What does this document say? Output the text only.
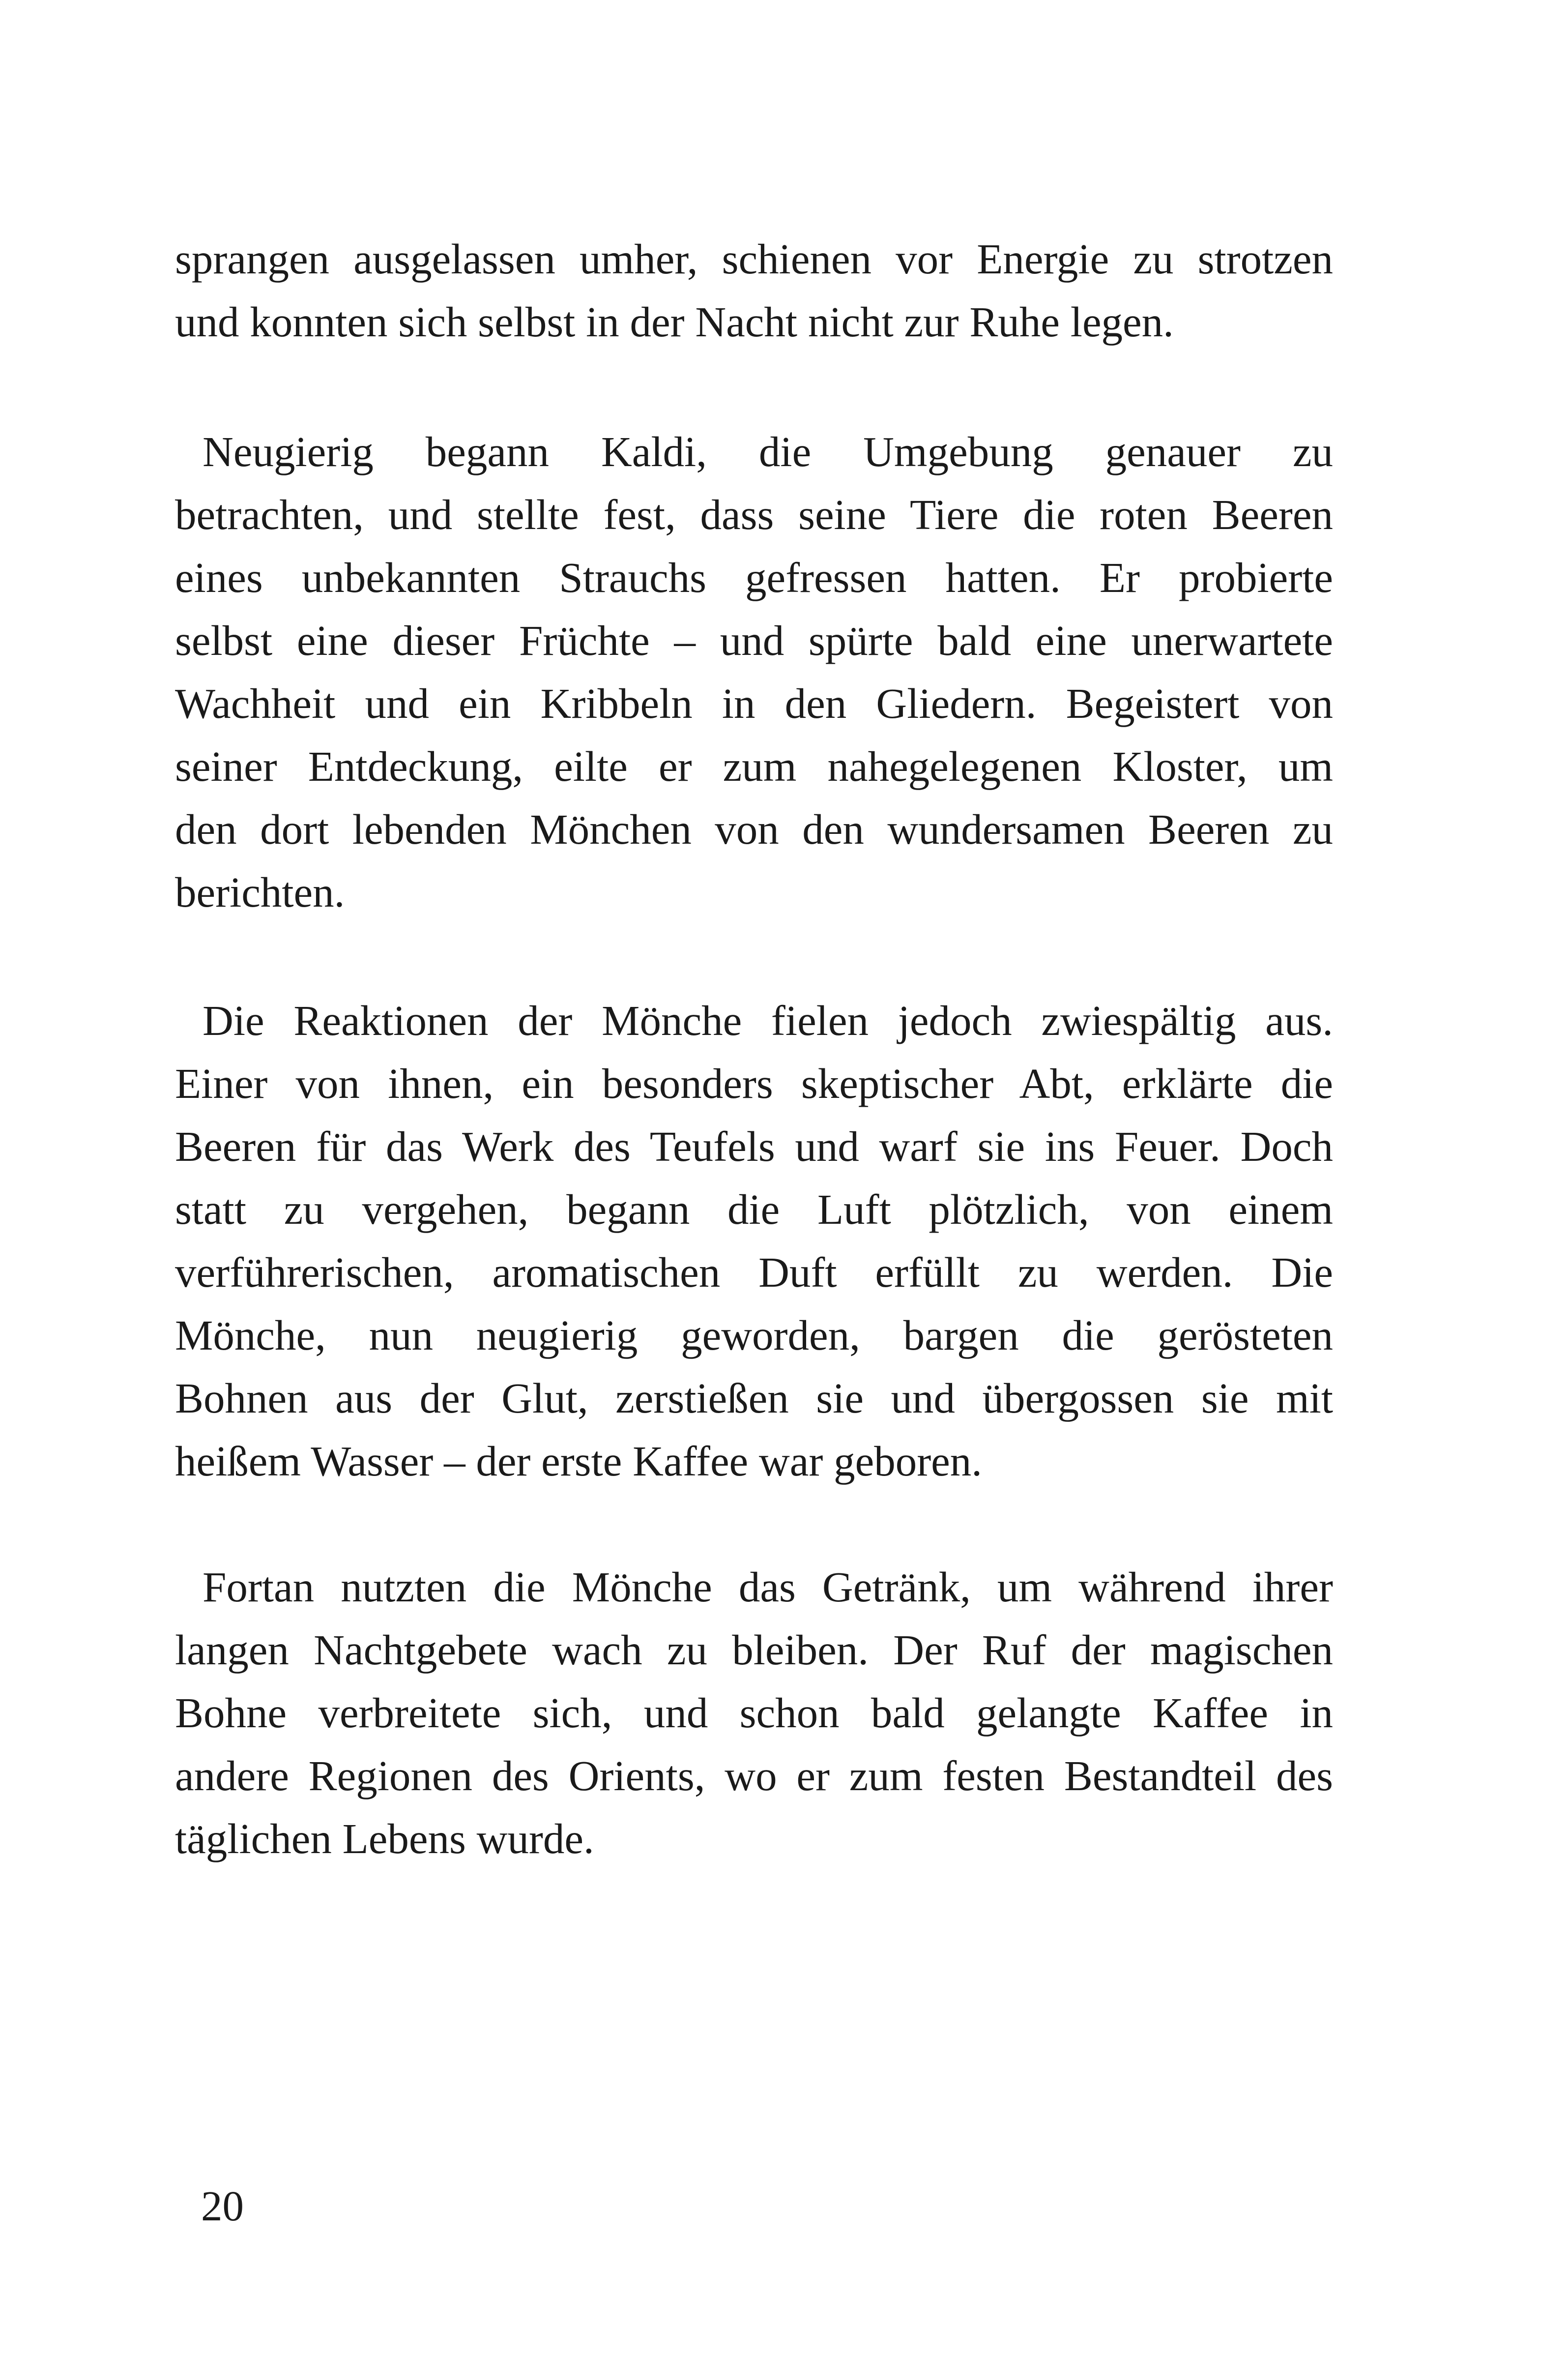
sprangen ausgelassen umher, schienen vor Energie zu strotzen
und konnten sich selbst in der Nacht nicht zur Ruhe legen.
Neugierig begann Kaldi, die Umgebung genauer zu
betrachten, und stellte fest, dass seine Tiere die roten Beeren
eines unbekannten Strauchs gefressen hatten. Er probierte
selbst eine dieser Früchte – und spürte bald eine unerwartete
Wachheit und ein Kribbeln in den Gliedern. Begeistert von
seiner Entdeckung, eilte er zum nahegelegenen Kloster, um
den dort lebenden Mönchen von den wundersamen Beeren zu
berichten.
Die Reaktionen der Mönche fielen jedoch zwiespältig aus.
Einer von ihnen, ein besonders skeptischer Abt, erklärte die
Beeren für das Werk des Teufels und warf sie ins Feuer. Doch
statt zu vergehen, begann die Luft plötzlich, von einem
verführerischen, aromatischen Duft erfüllt zu werden. Die
Mönche, nun neugierig geworden, bargen die gerösteten
Bohnen aus der Glut, zerstießen sie und übergossen sie mit
heißem Wasser – der erste Kaffee war geboren.
Fortan nutzten die Mönche das Getränk, um während ihrer
langen Nachtgebete wach zu bleiben. Der Ruf der magischen
Bohne verbreitete sich, und schon bald gelangte Kaffee in
andere Regionen des Orients, wo er zum festen Bestandteil des
täglichen Lebens wurde.
20
